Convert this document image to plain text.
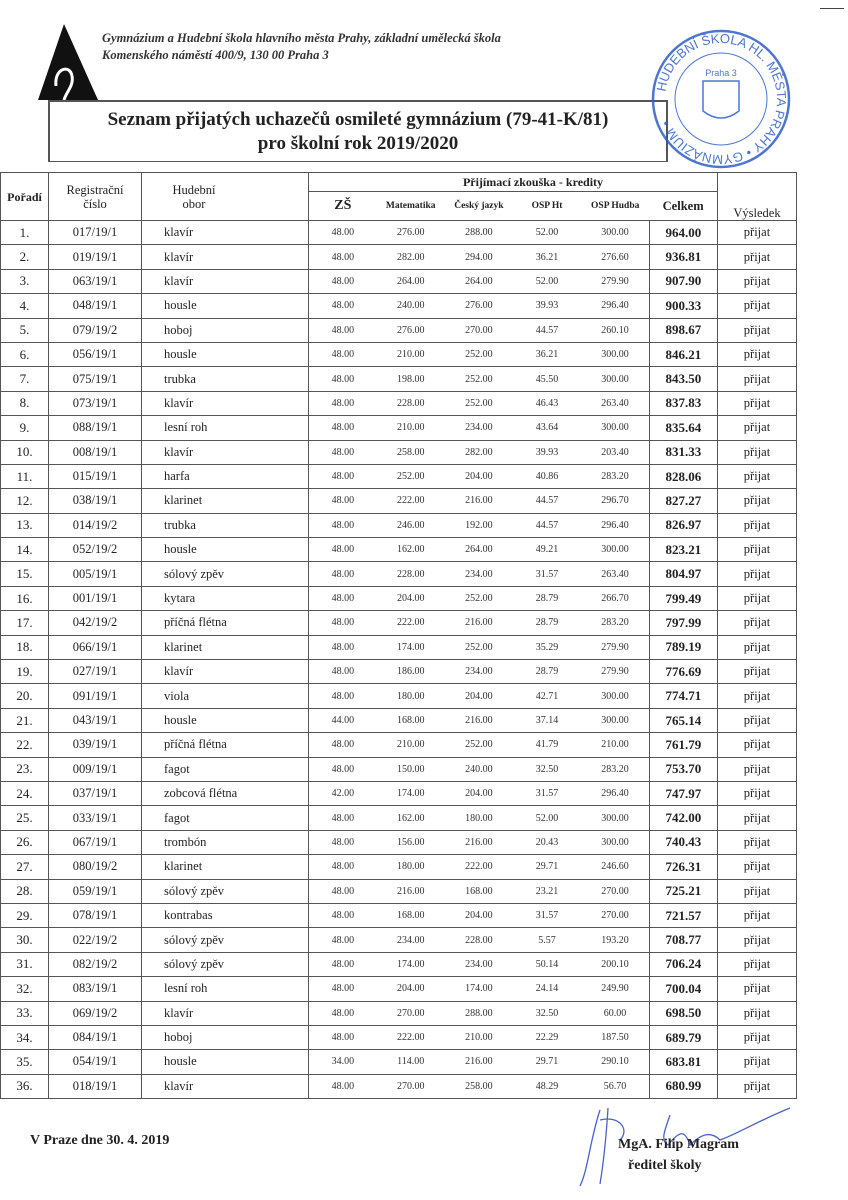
Gymnázium a Hudební škola hlavního města Prahy, základní umělecká škola
Komenského náměstí 400/9, 130 00 Praha 3
Seznam přijatých uchazečů osmileté gymnázium (79-41-K/81)
pro školní rok 2019/2020
HUDEBNÍ ŠKOLA HL. MĚSTA PRAHY • GYMNÁZIUM •
Praha 3
Pořadí	Registrační číslo	Hudební obor	Přijímací zkouška - kredity						Výsledek
			ZŠ	Matematika	Český jazyk	OSP Ht	OSP Hudba	Celkem	
1.	017/19/1	klavír	48.00	276.00	288.00	52.00	300.00	964.00	přijat
2.	019/19/1	klavír	48.00	282.00	294.00	36.21	276.60	936.81	přijat
3.	063/19/1	klavír	48.00	264.00	264.00	52.00	279.90	907.90	přijat
4.	048/19/1	housle	48.00	240.00	276.00	39.93	296.40	900.33	přijat
5.	079/19/2	hoboj	48.00	276.00	270.00	44.57	260.10	898.67	přijat
6.	056/19/1	housle	48.00	210.00	252.00	36.21	300.00	846.21	přijat
7.	075/19/1	trubka	48.00	198.00	252.00	45.50	300.00	843.50	přijat
8.	073/19/1	klavír	48.00	228.00	252.00	46.43	263.40	837.83	přijat
9.	088/19/1	lesní roh	48.00	210.00	234.00	43.64	300.00	835.64	přijat
10.	008/19/1	klavír	48.00	258.00	282.00	39.93	203.40	831.33	přijat
11.	015/19/1	harfa	48.00	252.00	204.00	40.86	283.20	828.06	přijat
12.	038/19/1	klarinet	48.00	222.00	216.00	44.57	296.70	827.27	přijat
13.	014/19/2	trubka	48.00	246.00	192.00	44.57	296.40	826.97	přijat
14.	052/19/2	housle	48.00	162.00	264.00	49.21	300.00	823.21	přijat
15.	005/19/1	sólový zpěv	48.00	228.00	234.00	31.57	263.40	804.97	přijat
16.	001/19/1	kytara	48.00	204.00	252.00	28.79	266.70	799.49	přijat
17.	042/19/2	příčná flétna	48.00	222.00	216.00	28.79	283.20	797.99	přijat
18.	066/19/1	klarinet	48.00	174.00	252.00	35.29	279.90	789.19	přijat
19.	027/19/1	klavír	48.00	186.00	234.00	28.79	279.90	776.69	přijat
20.	091/19/1	viola	48.00	180.00	204.00	42.71	300.00	774.71	přijat
21.	043/19/1	housle	44.00	168.00	216.00	37.14	300.00	765.14	přijat
22.	039/19/1	příčná flétna	48.00	210.00	252.00	41.79	210.00	761.79	přijat
23.	009/19/1	fagot	48.00	150.00	240.00	32.50	283.20	753.70	přijat
24.	037/19/1	zobcová flétna	42.00	174.00	204.00	31.57	296.40	747.97	přijat
25.	033/19/1	fagot	48.00	162.00	180.00	52.00	300.00	742.00	přijat
26.	067/19/1	trombón	48.00	156.00	216.00	20.43	300.00	740.43	přijat
27.	080/19/2	klarinet	48.00	180.00	222.00	29.71	246.60	726.31	přijat
28.	059/19/1	sólový zpěv	48.00	216.00	168.00	23.21	270.00	725.21	přijat
29.	078/19/1	kontrabas	48.00	168.00	204.00	31.57	270.00	721.57	přijat
30.	022/19/2	sólový zpěv	48.00	234.00	228.00	5.57	193.20	708.77	přijat
31.	082/19/2	sólový zpěv	48.00	174.00	234.00	50.14	200.10	706.24	přijat
32.	083/19/1	lesní roh	48.00	204.00	174.00	24.14	249.90	700.04	přijat
33.	069/19/2	klavír	48.00	270.00	288.00	32.50	60.00	698.50	přijat
34.	084/19/1	hoboj	48.00	222.00	210.00	22.29	187.50	689.79	přijat
35.	054/19/1	housle	34.00	114.00	216.00	29.71	290.10	683.81	přijat
36.	018/19/1	klavír	48.00	270.00	258.00	48.29	56.70	680.99	přijat
V Praze dne 30. 4. 2019	MgA. Filip Magram
ředitel školy
